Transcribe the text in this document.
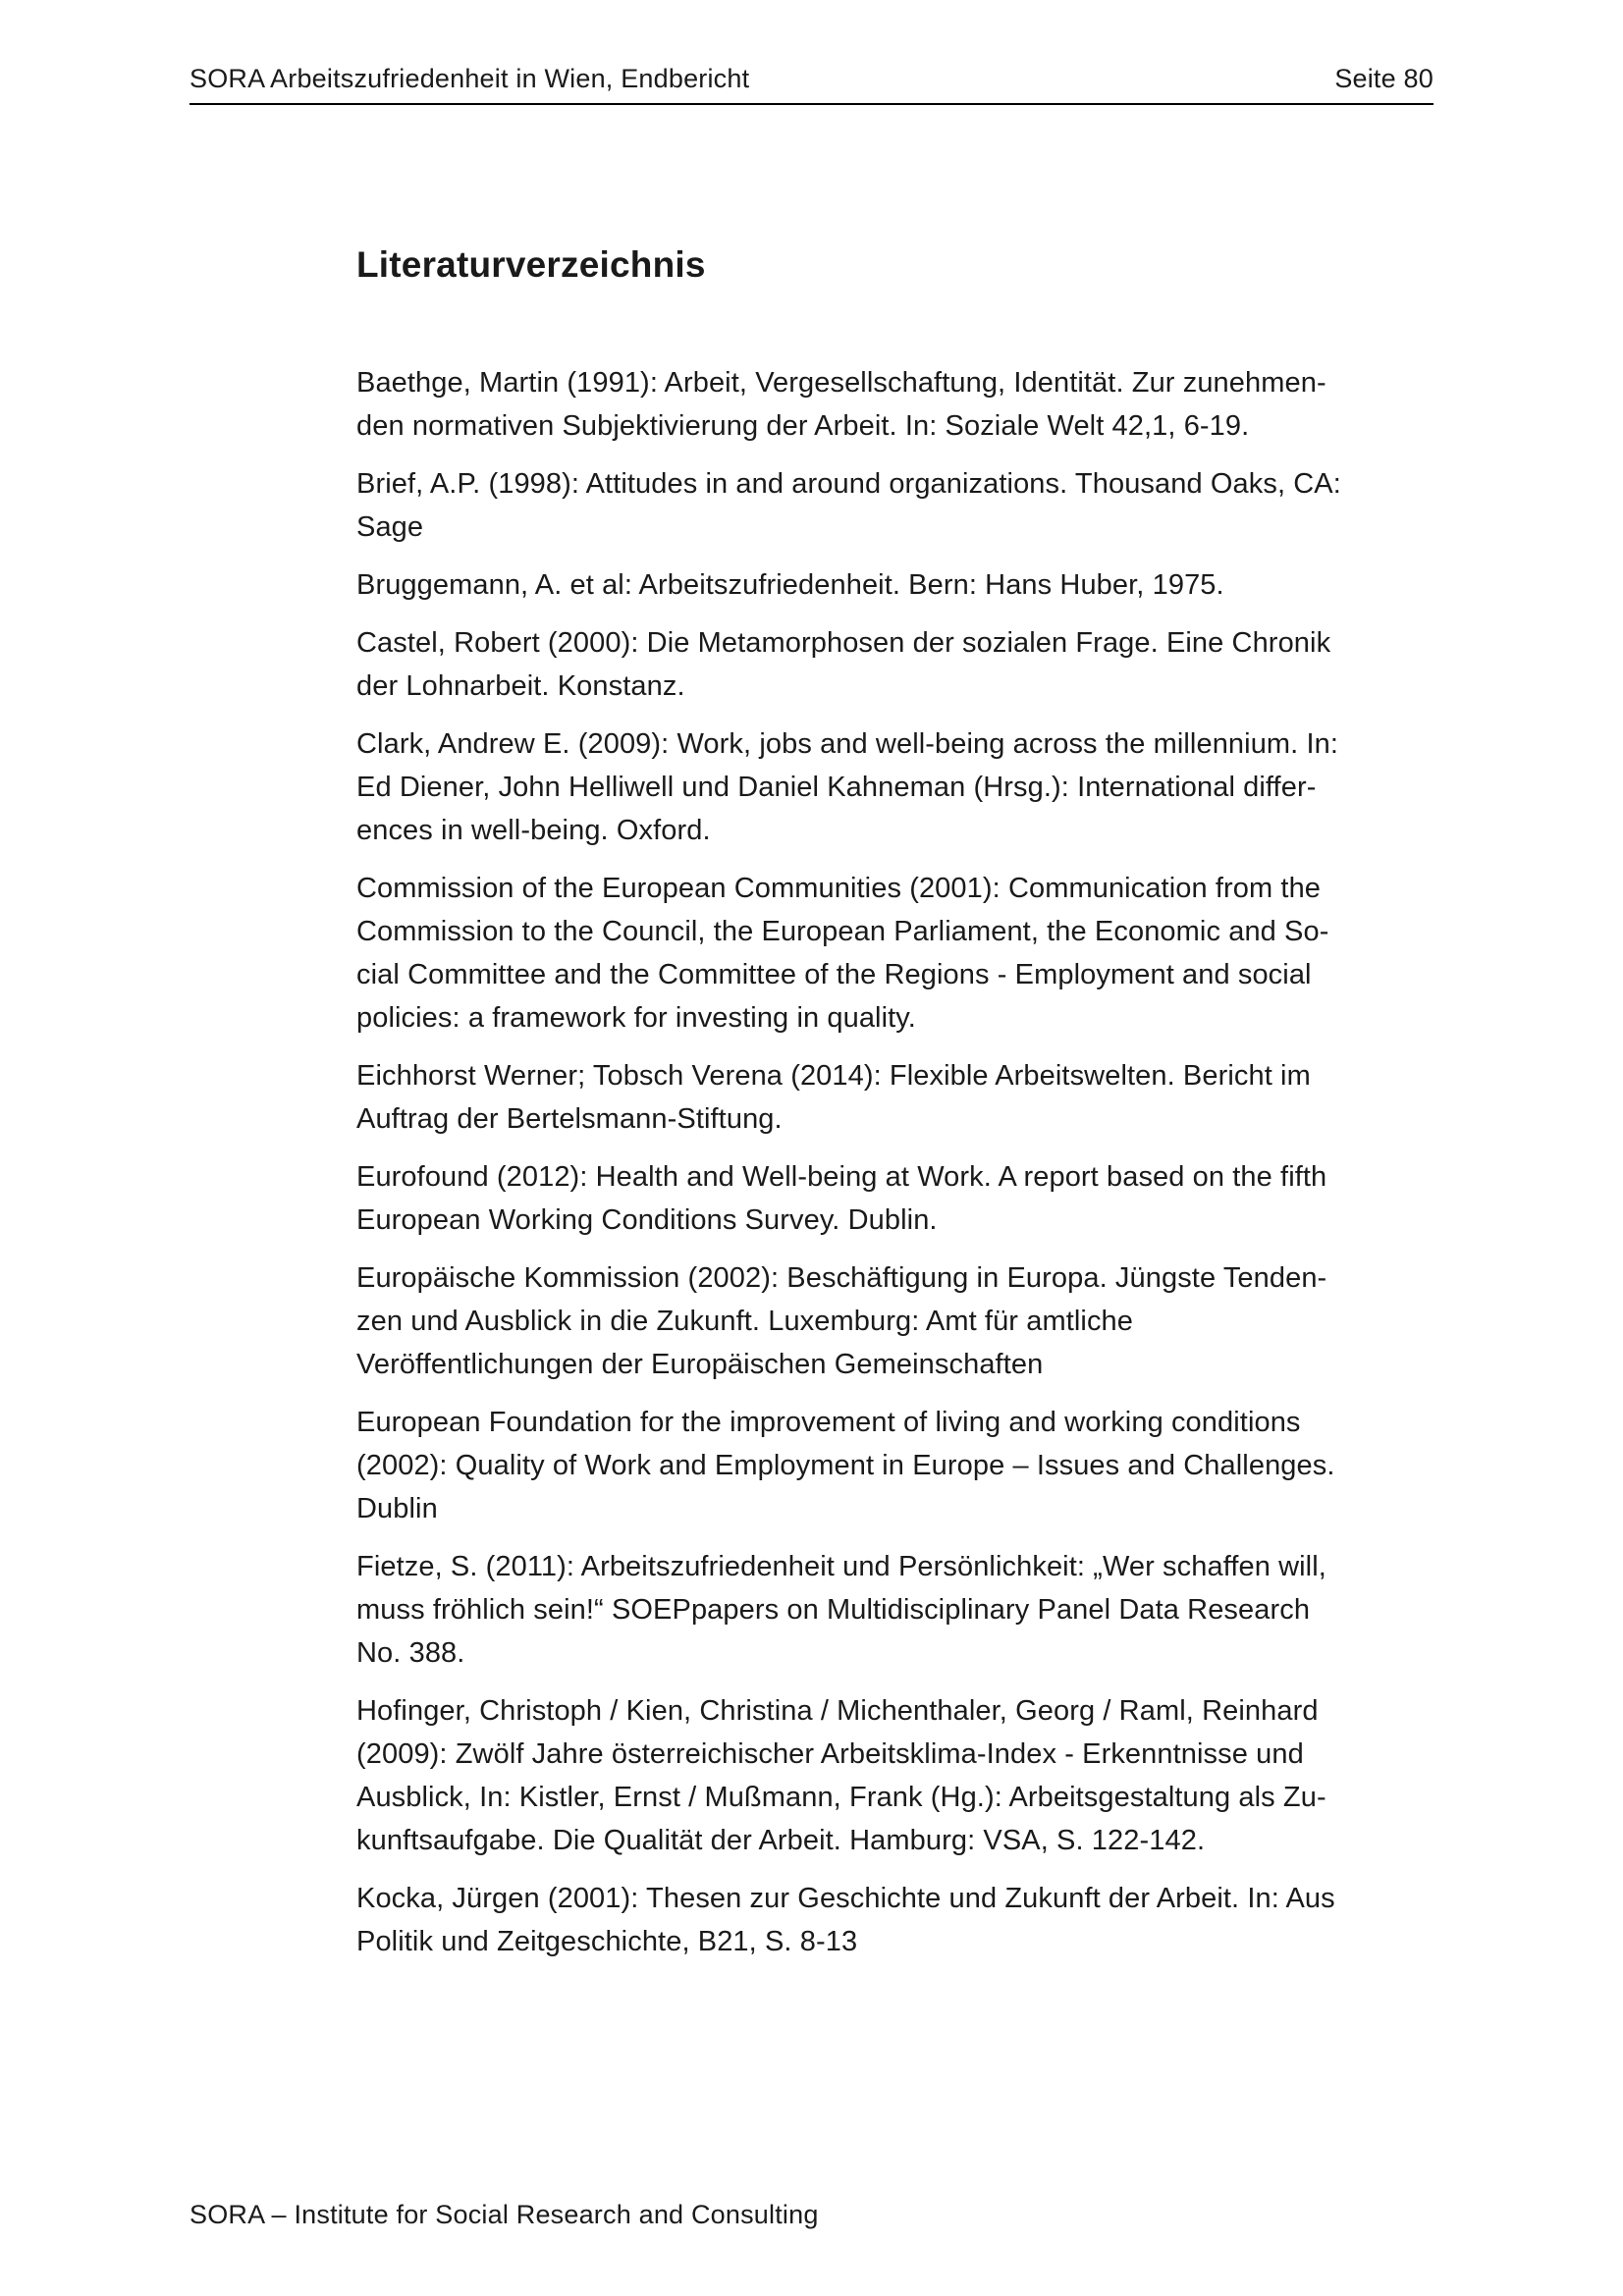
SORA Arbeitszufriedenheit in Wien, Endbericht	Seite 80
Literaturverzeichnis

Baethge, Martin (1991): Arbeit, Vergesellschaftung, Identität. Zur zunehmen-
den normativen Subjektivierung der Arbeit. In: Soziale Welt 42,1, 6-19.

Brief, A.P. (1998): Attitudes in and around organizations. Thousand Oaks, CA:
Sage

Bruggemann, A. et al: Arbeitszufriedenheit. Bern: Hans Huber, 1975.

Castel, Robert (2000): Die Metamorphosen der sozialen Frage. Eine Chronik
der Lohnarbeit. Konstanz.

Clark, Andrew E. (2009): Work, jobs and well-being across the millennium. In:
Ed Diener, John Helliwell und Daniel Kahneman (Hrsg.): International differ-
ences in well-being. Oxford.

Commission of the European Communities (2001): Communication from the
Commission to the Council, the European Parliament, the Economic and So-
cial Committee and the Committee of the Regions - Employment and social
policies: a framework for investing in quality.

Eichhorst Werner; Tobsch Verena (2014): Flexible Arbeitswelten. Bericht im
Auftrag der Bertelsmann-Stiftung.

Eurofound (2012): Health and Well-being at Work. A report based on the fifth
European Working Conditions Survey. Dublin.

Europäische Kommission (2002): Beschäftigung in Europa. Jüngste Tenden-
zen und Ausblick in die Zukunft. Luxemburg: Amt für amtliche
Veröffentlichungen der Europäischen Gemeinschaften

European Foundation for the improvement of living and working conditions
(2002): Quality of Work and Employment in Europe – Issues and Challenges.
Dublin

Fietze, S. (2011): Arbeitszufriedenheit und Persönlichkeit: „Wer schaffen will,
muss fröhlich sein!“ SOEPpapers on Multidisciplinary Panel Data Research
No. 388.

Hofinger, Christoph / Kien, Christina / Michenthaler, Georg / Raml, Reinhard
(2009): Zwölf Jahre österreichischer Arbeitsklima-Index - Erkenntnisse und
Ausblick, In: Kistler, Ernst / Mußmann, Frank (Hg.): Arbeitsgestaltung als Zu-
kunftsaufgabe. Die Qualität der Arbeit. Hamburg: VSA, S. 122-142.

Kocka, Jürgen (2001): Thesen zur Geschichte und Zukunft der Arbeit. In: Aus
Politik und Zeitgeschichte, B21, S. 8-13

SORA – Institute for Social Research and Consulting
